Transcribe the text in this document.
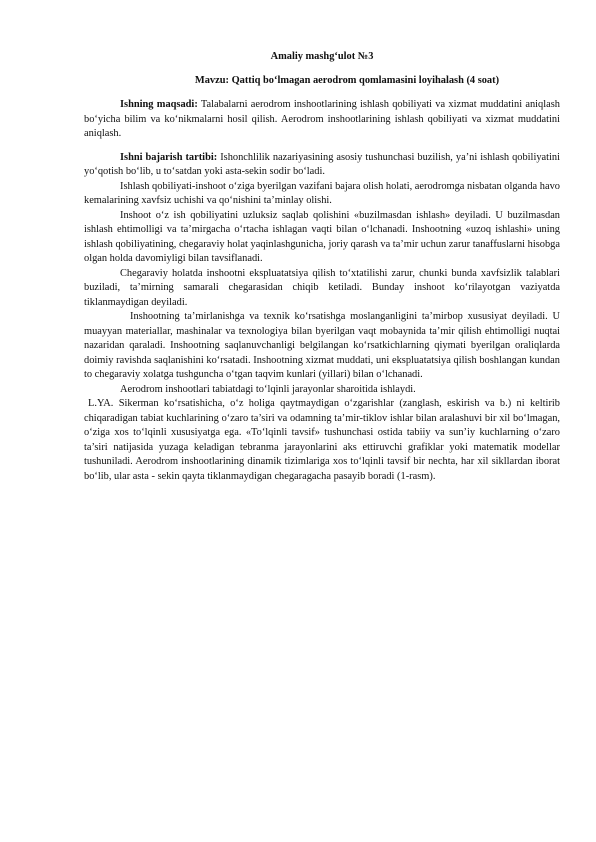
Amaliy mashg‘ulot №3

Mavzu: Qattiq bo‘lmagan aerodrom qomlamasini loyihalash (4 soat)

Ishning maqsadi: Talabalarni aerodrom inshootlarining ishlash qobiliyati va xizmat muddatini aniqlash bo‘yicha bilim va ko‘nikmalarni hosil qilish. Aerodrom inshootlarining ishlash qobiliyati va xizmat muddatini aniqlash.

Ishni bajarish tartibi: Ishonchlilik nazariyasining asosiy tushunchasi buzilish, ya’ni ishlash qobiliyatini yo‘qotish bo‘lib, u to‘satdan yoki asta-sekin sodir bo‘ladi.

Ishlash qobiliyati-inshoot o‘ziga byerilgan vazifani bajara olish holati, aerodromga nisbatan olganda havo kemalarining xavfsiz uchishi va qo‘nishini ta’minlay olishi.

Inshoot o‘z ish qobiliyatini uzluksiz saqlab qolishini «buzilmasdan ishlash» deyiladi. U buzilmasdan ishlash ehtimolligi va ta’mirgacha o‘rtacha ishlagan vaqti bilan o‘lchanadi. Inshootning «uzoq ishlashi» uning ishlash qobiliyatining, chegaraviy holat yaqinlashgunicha, joriy qarash va ta’mir uchun zarur tanaffuslarni hisobga olgan holda davomiyligi bilan tavsiflanadi.

Chegaraviy holatda inshootni ekspluatatsiya qilish to‘xtatilishi zarur, chunki bunda xavfsizlik talablari buziladi, ta’mirning samarali chegarasidan chiqib ketiladi. Bunday inshoot ko‘rilayotgan vaziyatda tiklanmaydigan deyiladi.

Inshootning ta’mirlanishga va texnik ko‘rsatishga moslanganligini ta’mirbop xususiyat deyiladi. U muayyan materiallar, mashinalar va texnologiya bilan byerilgan vaqt mobaynida ta’mir qilish ehtimolligi nuqtai nazaridan qaraladi. Inshootning saqlanuvchanligi belgilangan ko‘rsatkichlarning qiymati byerilgan oraliqlarda doimiy ravishda saqlanishini ko‘rsatadi. Inshootning xizmat muddati, uni ekspluatatsiya qilish boshlangan kundan to chegaraviy xolatga tushguncha o‘tgan taqvim kunlari (yillari) bilan o‘lchanadi.

Aerodrom inshootlari tabiatdagi to‘lqinli jarayonlar sharoitida ishlaydi.

L.YA. Sikerman ko‘rsatishicha, o‘z holiga qaytmaydigan o‘zgarishlar (zanglash, eskirish va b.) ni keltirib chiqaradigan tabiat kuchlarining o‘zaro ta’siri va odamning ta’mir-tiklov ishlar bilan aralashuvi bir xil bo‘lmagan, o‘ziga xos to‘lqinli xususiyatga ega. «To‘lqinli tavsif» tushunchasi ostida tabiiy va sun’iy kuchlarning o‘zaro ta’siri natijasida yuzaga keladigan tebranma jarayonlarini aks ettiruvchi grafiklar yoki matematik modellar tushuniladi. Aerodrom inshootlarining dinamik tizimlariga xos to‘lqinli tavsif bir nechta, har xil sikllardan iborat bo‘lib, ular asta - sekin qayta tiklanmaydigan chegaragacha pasayib boradi (1-rasm).
